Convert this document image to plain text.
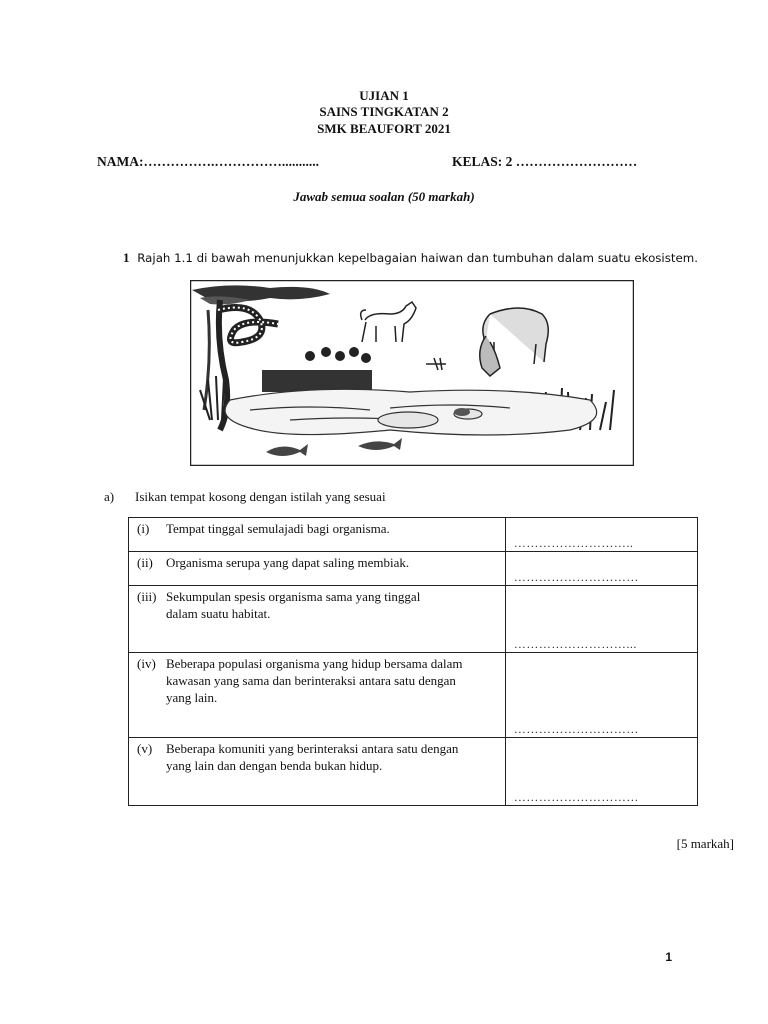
UJIAN 1
SAINS TINGKATAN 2
SMK BEAUFORT 2021
NAMA:…………….……………...........	KELAS: 2 ………………………
Jawab semua soalan (50 markah)
1 Rajah 1.1 di bawah menunjukkan kepelbagaian haiwan dan tumbuhan dalam suatu ekosistem.
a) Isikan tempat kosong dengan istilah yang sesuai
(i) Tempat tinggal semulajadi bagi organisma.	………………………..

(ii) Organisma serupa yang dapat saling membiak.	…………………………

(iii) Sekumpulan spesis organisma sama yang tinggal dalam suatu habitat.	………………………...

(iv) Beberapa populasi organisma yang hidup bersama dalam kawasan yang sama dan berinteraksi antara satu dengan yang lain.	…………………………

(v) Beberapa komuniti yang berinteraksi antara satu dengan yang lain dan dengan benda bukan hidup.	…………………………
[5 markah]
1
